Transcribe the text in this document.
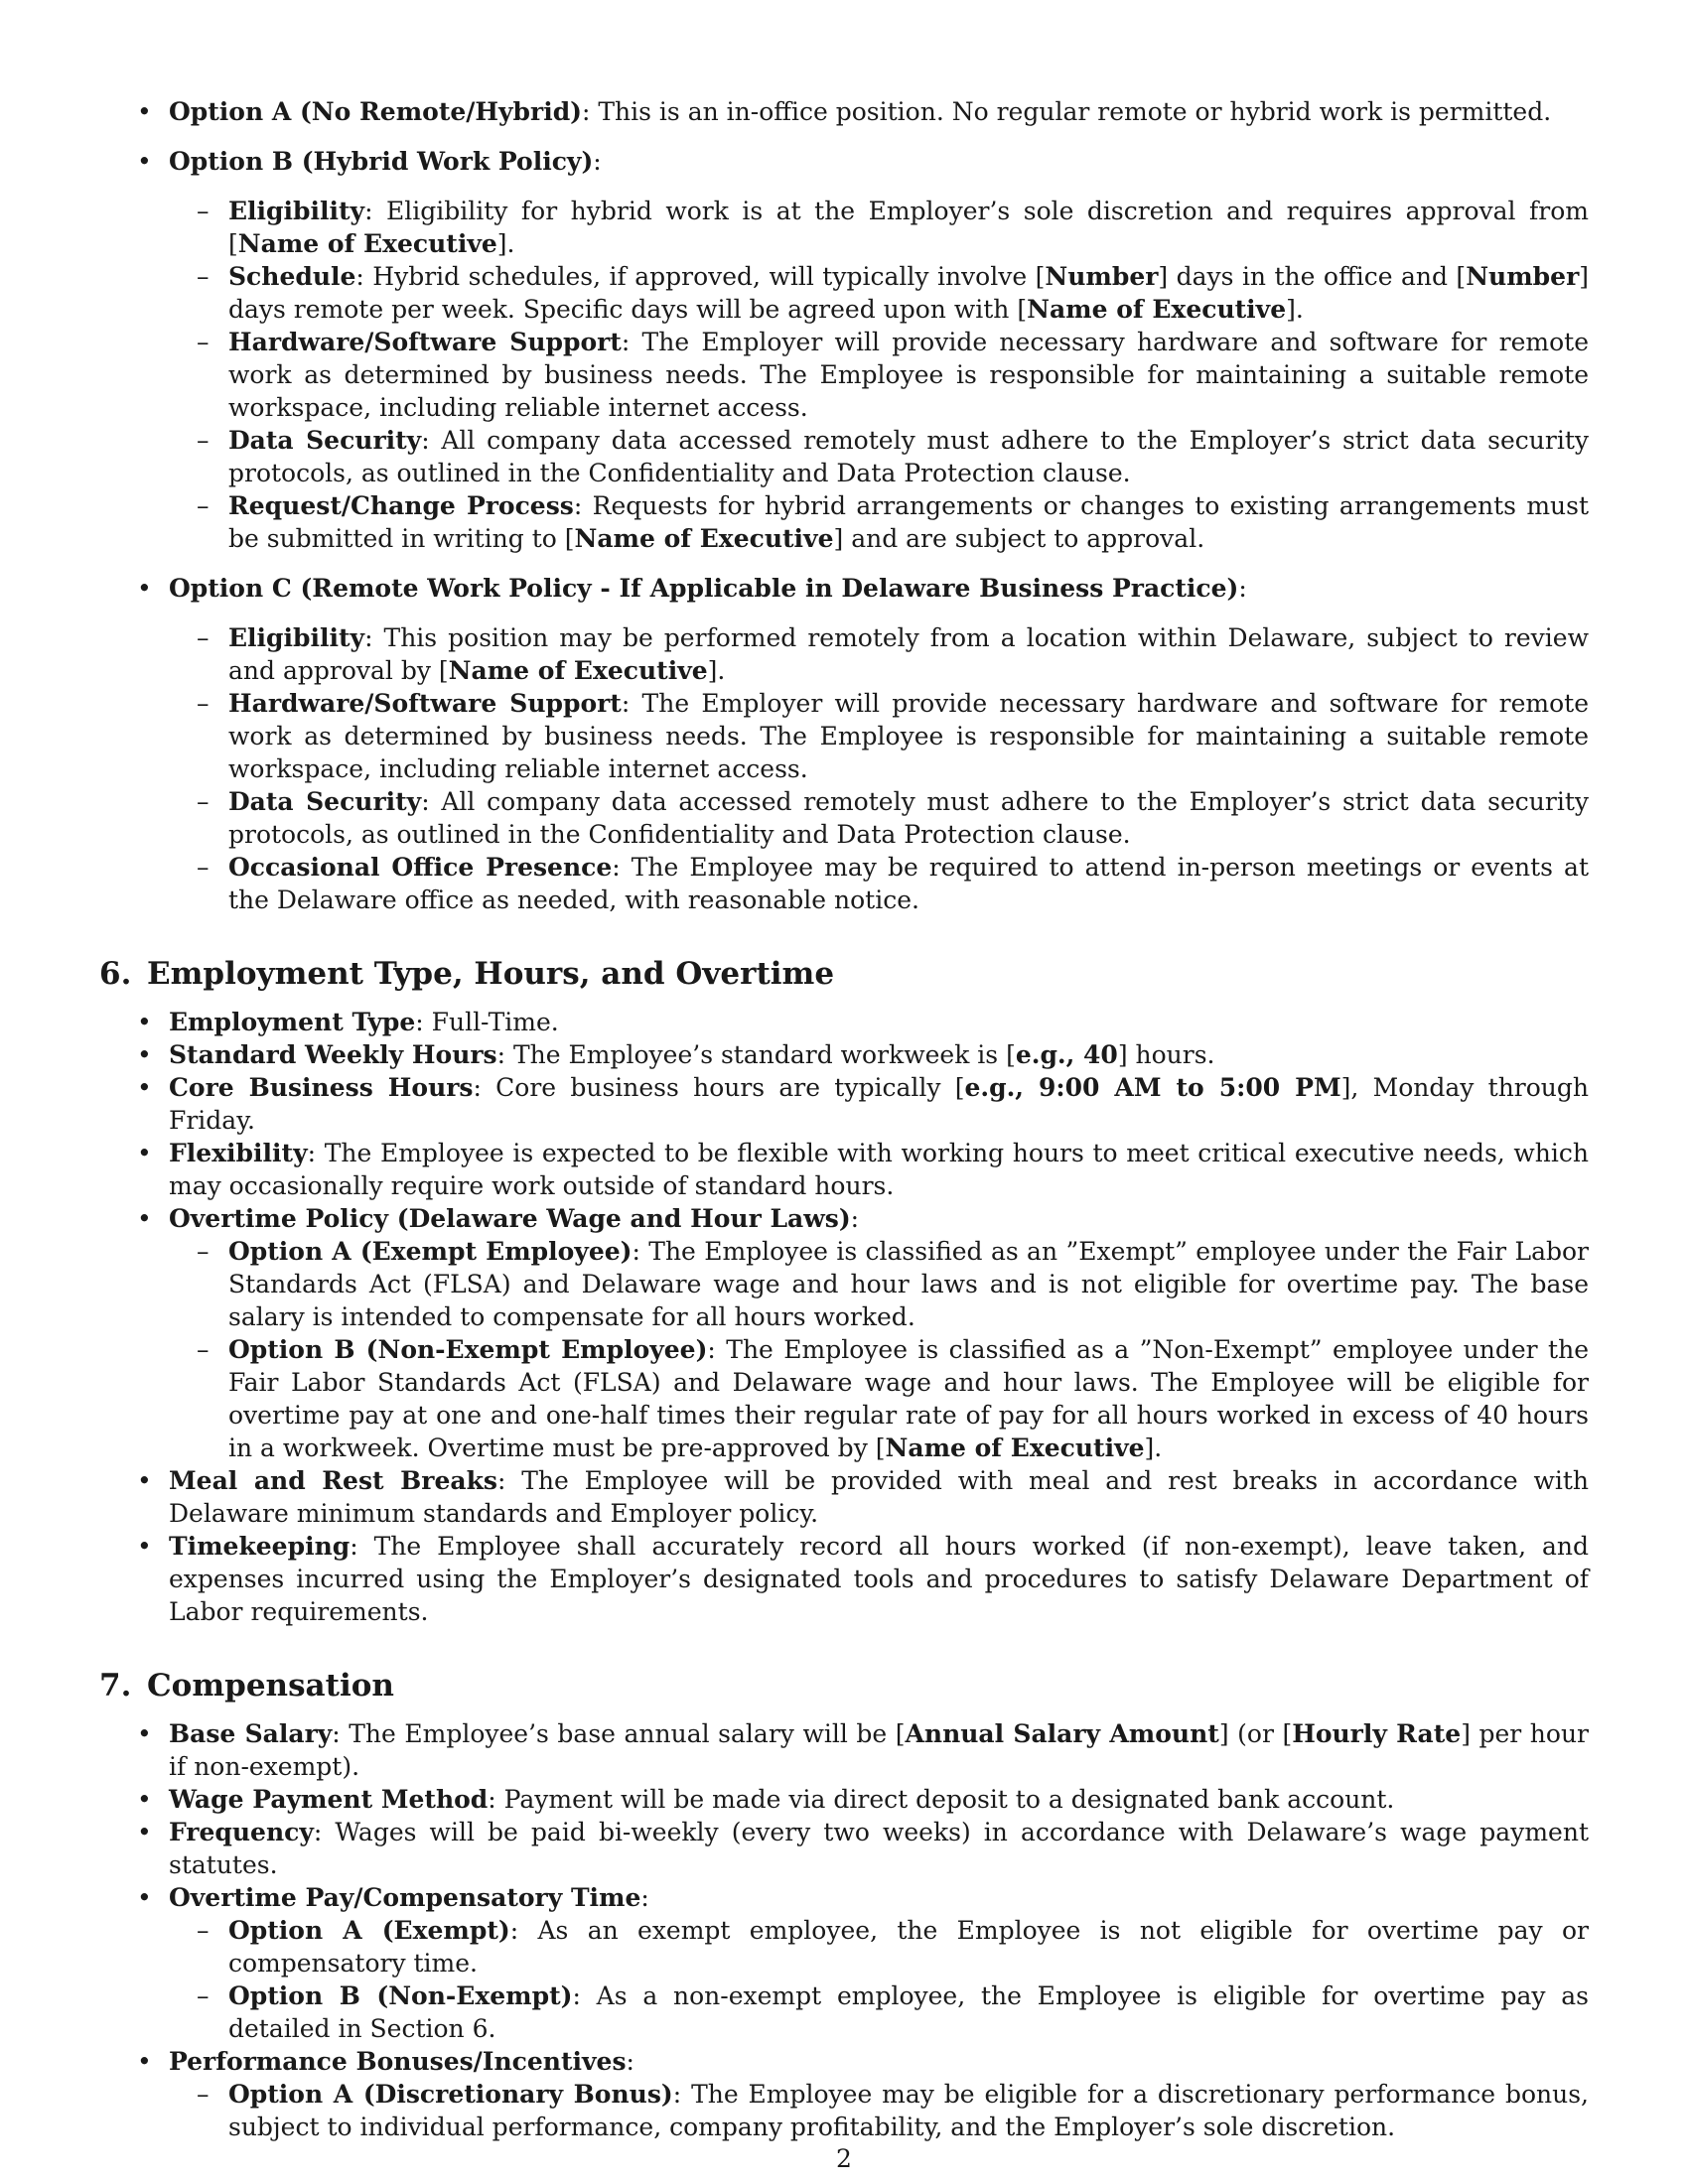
• Option A (No Remote/Hybrid): This is an in-office position. No regular remote or hybrid work is permitted.
• Option B (Hybrid Work Policy):
– Eligibility: Eligibility for hybrid work is at the Employer’s sole discretion and requires approval from [Name of Executive].
– Schedule: Hybrid schedules, if approved, will typically involve [Number] days in the office and [Number] days remote per week. Specific days will be agreed upon with [Name of Executive].
– Hardware/Software Support: The Employer will provide necessary hardware and software for remote work as determined by business needs. The Employee is responsible for maintaining a suitable remote workspace, including reliable internet access.
– Data Security: All company data accessed remotely must adhere to the Employer’s strict data security protocols, as outlined in the Confidentiality and Data Protection clause.
– Request/Change Process: Requests for hybrid arrangements or changes to existing arrangements must be submitted in writing to [Name of Executive] and are subject to approval.
• Option C (Remote Work Policy - If Applicable in Delaware Business Practice):
– Eligibility: This position may be performed remotely from a location within Delaware, subject to review and approval by [Name of Executive].
– Hardware/Software Support: The Employer will provide necessary hardware and software for remote work as determined by business needs. The Employee is responsible for maintaining a suitable remote workspace, including reliable internet access.
– Data Security: All company data accessed remotely must adhere to the Employer’s strict data security protocols, as outlined in the Confidentiality and Data Protection clause.
– Occasional Office Presence: The Employee may be required to attend in-person meetings or events at the Delaware office as needed, with reasonable notice.
6. Employment Type, Hours, and Overtime
• Employment Type: Full-Time.
• Standard Weekly Hours: The Employee’s standard workweek is [e.g., 40] hours.
• Core Business Hours: Core business hours are typically [e.g., 9:00 AM to 5:00 PM], Monday through Friday.
• Flexibility: The Employee is expected to be flexible with working hours to meet critical executive needs, which may occasionally require work outside of standard hours.
• Overtime Policy (Delaware Wage and Hour Laws):
– Option A (Exempt Employee): The Employee is classified as an ”Exempt” employee under the Fair Labor Standards Act (FLSA) and Delaware wage and hour laws and is not eligible for overtime pay. The base salary is intended to compensate for all hours worked.
– Option B (Non-Exempt Employee): The Employee is classified as a ”Non-Exempt” employee under the Fair Labor Standards Act (FLSA) and Delaware wage and hour laws. The Employee will be eligible for overtime pay at one and one-half times their regular rate of pay for all hours worked in excess of 40 hours in a workweek. Overtime must be pre-approved by [Name of Executive].
• Meal and Rest Breaks: The Employee will be provided with meal and rest breaks in accordance with Delaware minimum standards and Employer policy.
• Timekeeping: The Employee shall accurately record all hours worked (if non-exempt), leave taken, and expenses incurred using the Employer’s designated tools and procedures to satisfy Delaware Department of Labor requirements.
7. Compensation
• Base Salary: The Employee’s base annual salary will be [Annual Salary Amount] (or [Hourly Rate] per hour if non-exempt).
• Wage Payment Method: Payment will be made via direct deposit to a designated bank account.
• Frequency: Wages will be paid bi-weekly (every two weeks) in accordance with Delaware’s wage payment statutes.
• Overtime Pay/Compensatory Time:
– Option A (Exempt): As an exempt employee, the Employee is not eligible for overtime pay or compensatory time.
– Option B (Non-Exempt): As a non-exempt employee, the Employee is eligible for overtime pay as detailed in Section 6.
• Performance Bonuses/Incentives:
– Option A (Discretionary Bonus): The Employee may be eligible for a discretionary performance bonus, subject to individual performance, company profitability, and the Employer’s sole discretion.
2
